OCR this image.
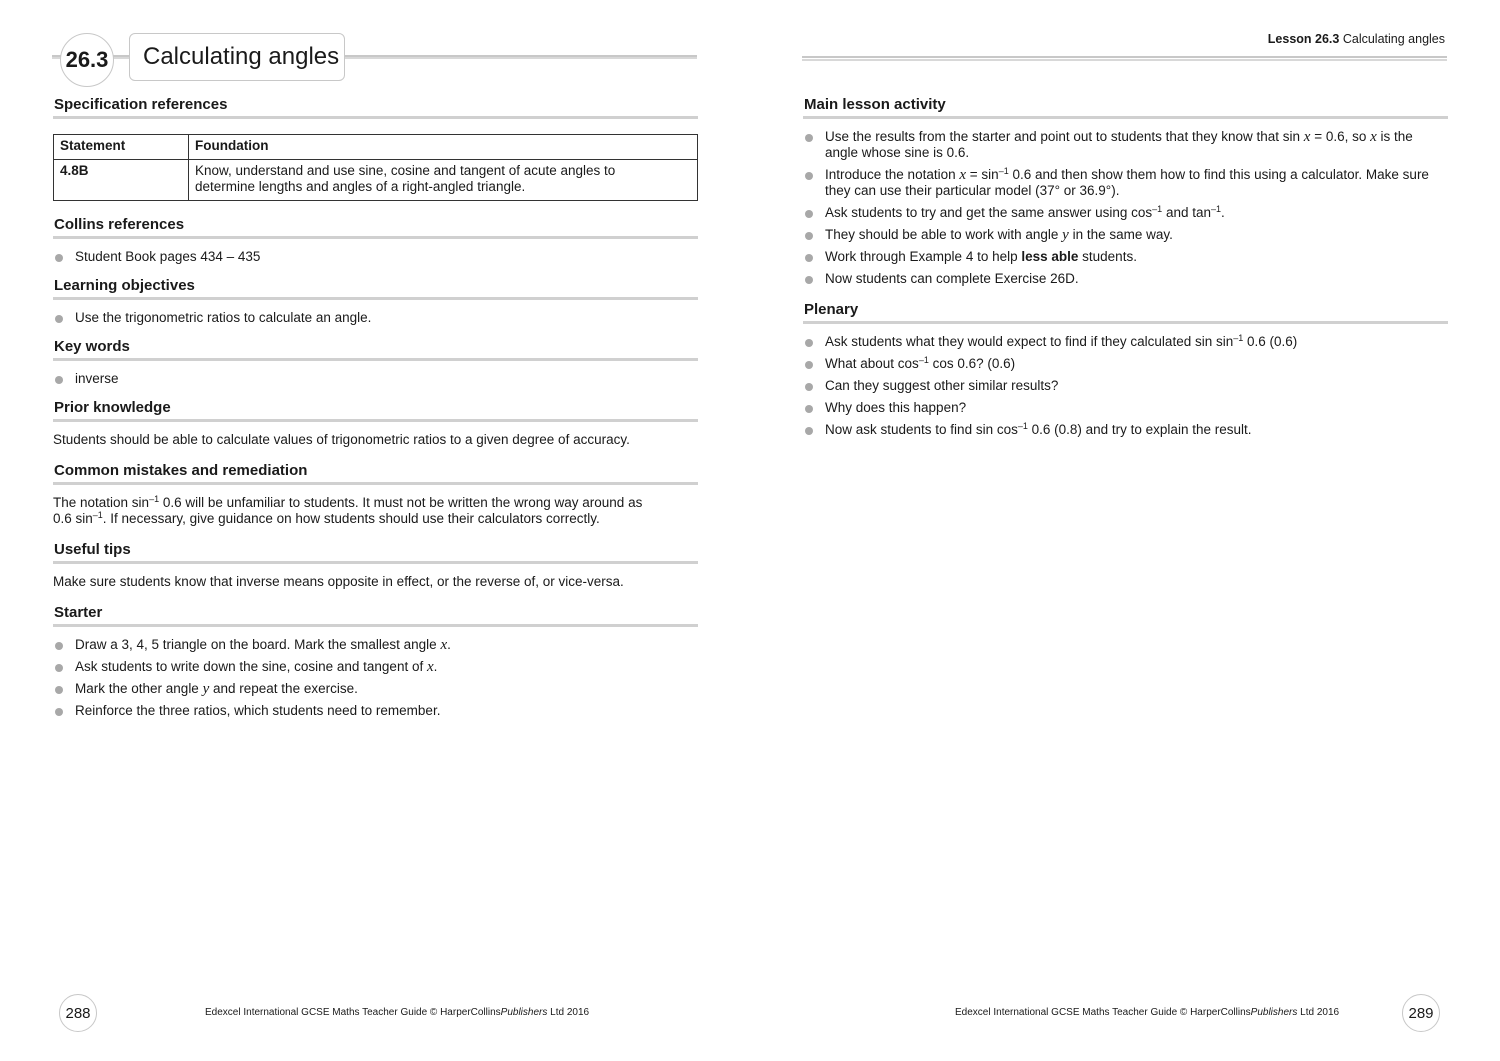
26.3	Calculating angles
Specification references
Statement	Foundation
4.8B	Know, understand and use sine, cosine and tangent of acute angles to
determine lengths and angles of a right-angled triangle.
Collins references
Student Book pages 434 – 435
Learning objectives
Use the trigonometric ratios to calculate an angle.
Key words
inverse
Prior knowledge

Students should be able to calculate values of trigonometric ratios to a given degree of accuracy.

Common mistakes and remediation

The notation $\sin^{-1} 0.6$ will be unfamiliar to students. It must not be written the wrong way around as
0.6 $\sin^{-1}$. If necessary, give guidance on how students should use their calculators correctly.

Useful tips

Make sure students know that inverse means opposite in effect, or the reverse of, or vice-versa.

Starter
Draw a 3, 4, 5 triangle on the board. Mark the smallest angle x.
Ask students to write down the sine, cosine and tangent of x.
Mark the other angle y and repeat the exercise.
Reinforce the three ratios, which students need to remember.
288	Edexcel International GCSE Maths Teacher Guide © HarperCollinsPublishers Ltd 2016
Lesson 26.3 Calculating angles
Main lesson activity
Use the results from the starter and point out to students that they know that sin x = 0.6, so x is the angle whose sine is 0.6.
Introduce the notation $x = \sin^{-1} 0.6$ and then show them how to find this using a calculator. Make sure they can use their particular model (37° or 36.9°).
Ask students to try and get the same answer using $\cos^{-1}$ and $\tan^{-1}$.
They should be able to work with angle y in the same way.
Work through Example 4 to help less able students.
Now students can complete Exercise 26D.
Plenary
Ask students what they would expect to find if they calculated $\sin \sin^{-1} 0.6$ (0.6)
What about $\cos^{-1} \cos 0.6$? (0.6)
Can they suggest other similar results?
Why does this happen?
Now ask students to find $\sin \cos^{-1} 0.6$ (0.8) and try to explain the result.
Edexcel International GCSE Maths Teacher Guide © HarperCollinsPublishers Ltd 2016	289
